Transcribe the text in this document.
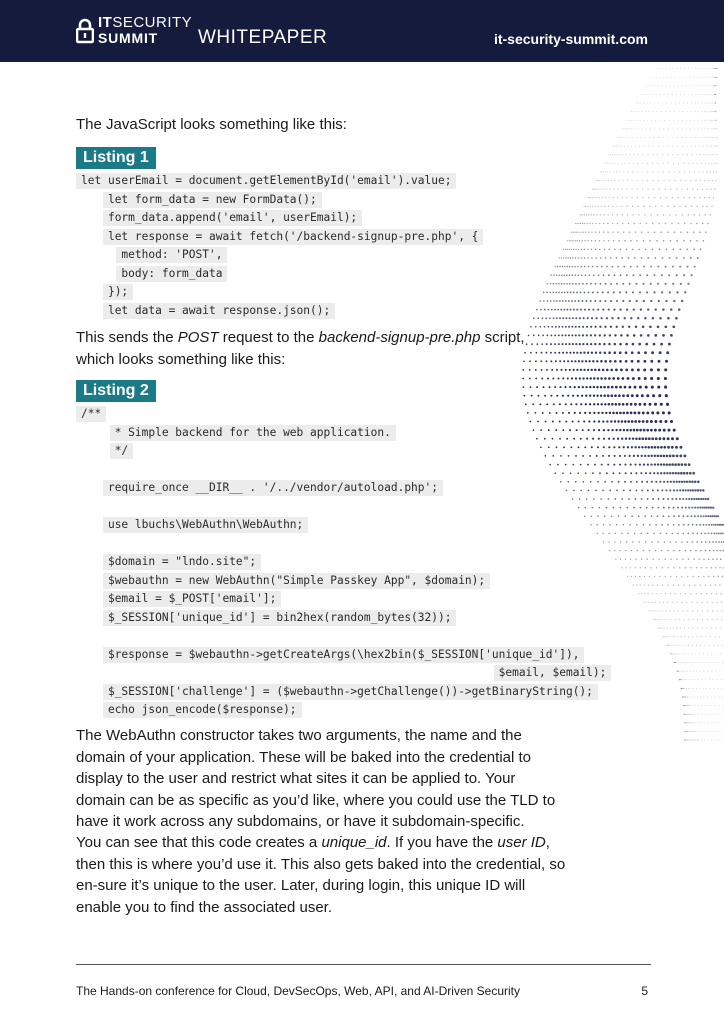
ITSECURITY
SUMMIT WHITEPAPER	it-security-summit.com

The JavaScript looks something like this:

Listing 1
let userEmail = document.getElementById('email').value;
let form_data = new FormData();
form_data.append('email', userEmail);
let response = await fetch('/backend-signup-pre.php', {
method: 'POST',
body: form_data
});
let data = await response.json();

This sends the POST request to the backend-signup-pre.php script, which looks something like this:

Listing 2
/**
* Simple backend for the web application.
*/
require_once __DIR__ . '/../vendor/autoload.php';
use lbuchs\WebAuthn\WebAuthn;
$domain = "lndo.site";
$webauthn = new WebAuthn("Simple Passkey App", $domain);
$email = $_POST['email'];
$_SESSION['unique_id'] = bin2hex(random_bytes(32));
$response = $webauthn->getCreateArgs(\hex2bin($_SESSION['unique_id']),
$email, $email);
$_SESSION['challenge'] = ($webauthn->getChallenge())->getBinaryString();
echo json_encode($response);

The WebAuthn constructor takes two arguments, the name and the domain of your application. These will be baked into the credential to display to the user and restrict what sites it can be applied to. Your domain can be as specific as you’d like, where you could use the TLD to have it work across any subdomains, or have it subdomain-specific.

You can see that this code creates a unique_id. If you have the user ID, then this is where you’d use it. This also gets baked into the credential, so en-sure it’s unique to the user. Later, during login, this unique ID will enable you to find the associated user.

The Hands-on conference for Cloud, DevSecOps, Web, API, and AI-Driven Security	5
